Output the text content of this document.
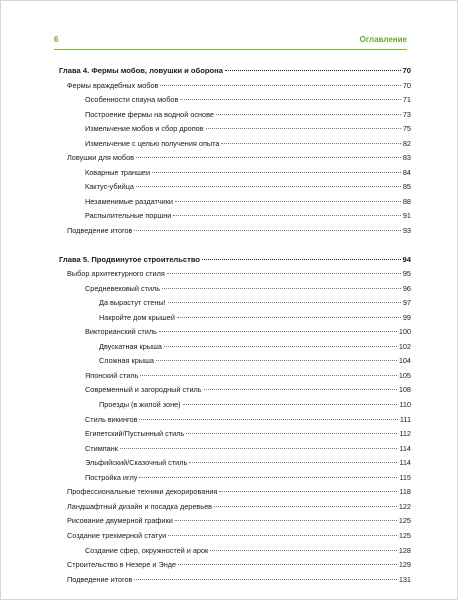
6	Оглавление
Глава 4. Фермы мобов, ловушки и оборона	70
Фермы враждебных мобов	70
Особенности спауна мобов	71
Построение фермы на водной основе	73
Измельчение мобов и сбор дропов	75
Измельчение с целью получения опыта	82
Ловушки для мобов	83
Коварные траншеи	84
Кактус-убийца	85
Незаменимые раздатчики	88
Распылительные поршни	91
Подведение итогов	93
Глава 5. Продвинутое строительство	94
Выбор архитектурного стиля	95
Средневековый стиль	96
Да вырастут стены!	97
Накройте дом крышей	99
Викторианский стиль	100
Двускатная крыша	102
Сложная крыша	104
Японский стиль	105
Современный и загородный стиль	108
Проезды (в жилой зоне)	110
Стиль викингов	111
Египетский/Пустынный стиль	112
Стимпанк	114
Эльфийский/Сказочный стиль	114
Постройка иглу	115
Профессиональные техники декорирования	118
Ландшафтный дизайн и посадка деревьев	122
Рисование двумерной графики	125
Создание трехмерной статуи	125
Создание сфер, окружностей и арок	128
Строительство в Незере и Энде	129
Подведение итогов	131
